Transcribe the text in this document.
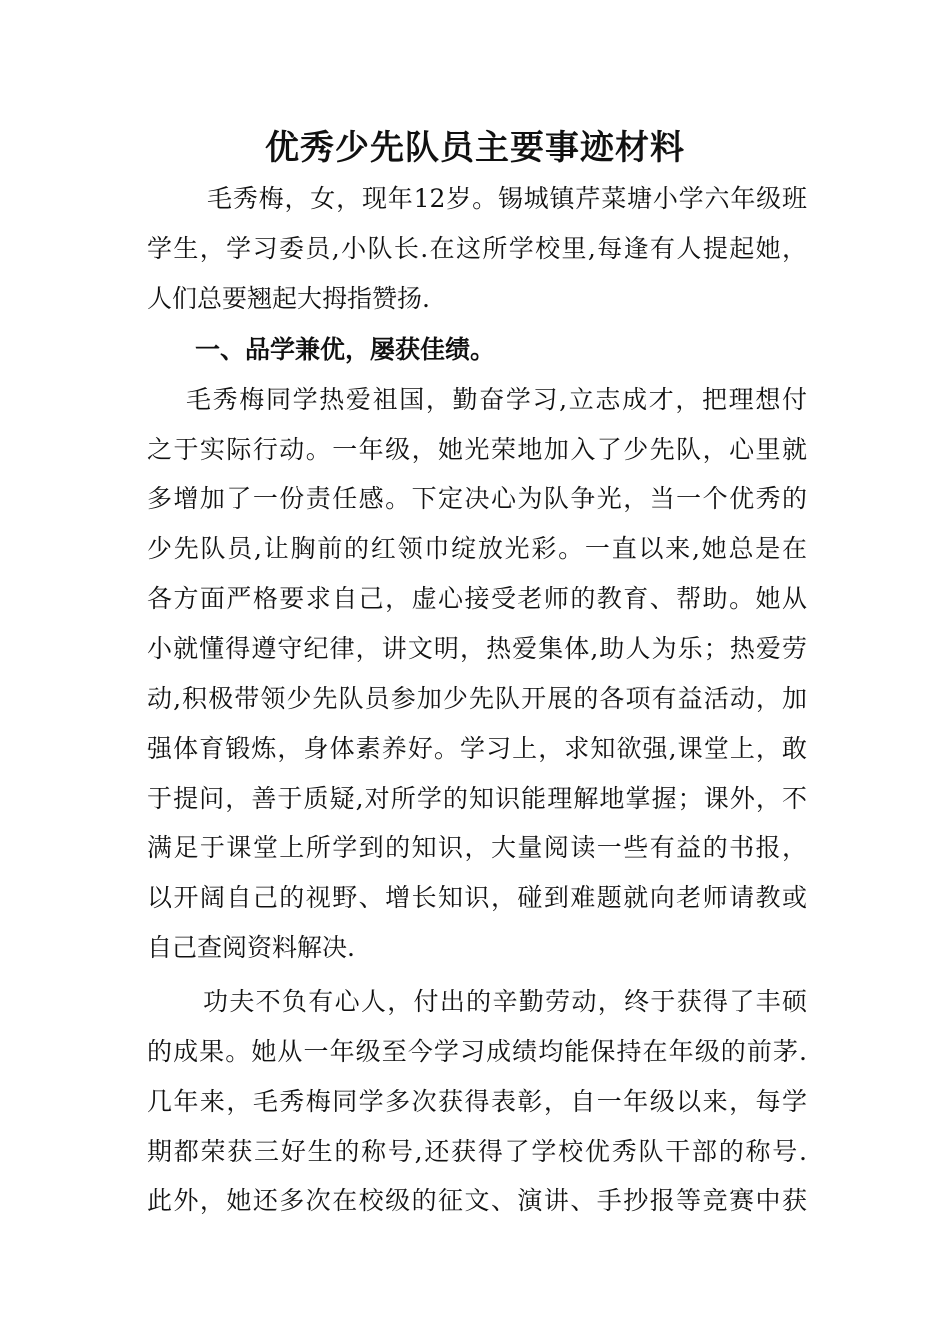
优秀少先队员主要事迹材料
毛秀梅，女，现年12岁。锡城镇芹菜塘小学六年级班
学生，学习委员,小队长.在这所学校里,每逢有人提起她，
人们总要翘起大拇指赞扬.
一、品学兼优，屡获佳绩。
毛秀梅同学热爱祖国，勤奋学习,立志成才，把理想付
之于实际行动。一年级，她光荣地加入了少先队，心里就
多增加了一份责任感。下定决心为队争光，当一个优秀的
少先队员,让胸前的红领巾绽放光彩。一直以来,她总是在
各方面严格要求自己，虚心接受老师的教育、帮助。她从
小就懂得遵守纪律，讲文明，热爱集体,助人为乐；热爱劳
动,积极带领少先队员参加少先队开展的各项有益活动，加
强体育锻炼，身体素养好。学习上，求知欲强,课堂上，敢
于提问，善于质疑,对所学的知识能理解地掌握；课外，不
满足于课堂上所学到的知识，大量阅读一些有益的书报，
以开阔自己的视野、增长知识，碰到难题就向老师请教或
自己查阅资料解决.
功夫不负有心人，付出的辛勤劳动，终于获得了丰硕
的成果。她从一年级至今学习成绩均能保持在年级的前茅.
几年来，毛秀梅同学多次获得表彰，自一年级以来，每学
期都荣获三好生的称号,还获得了学校优秀队干部的称号.
此外，她还多次在校级的征文、演讲、手抄报等竞赛中获
